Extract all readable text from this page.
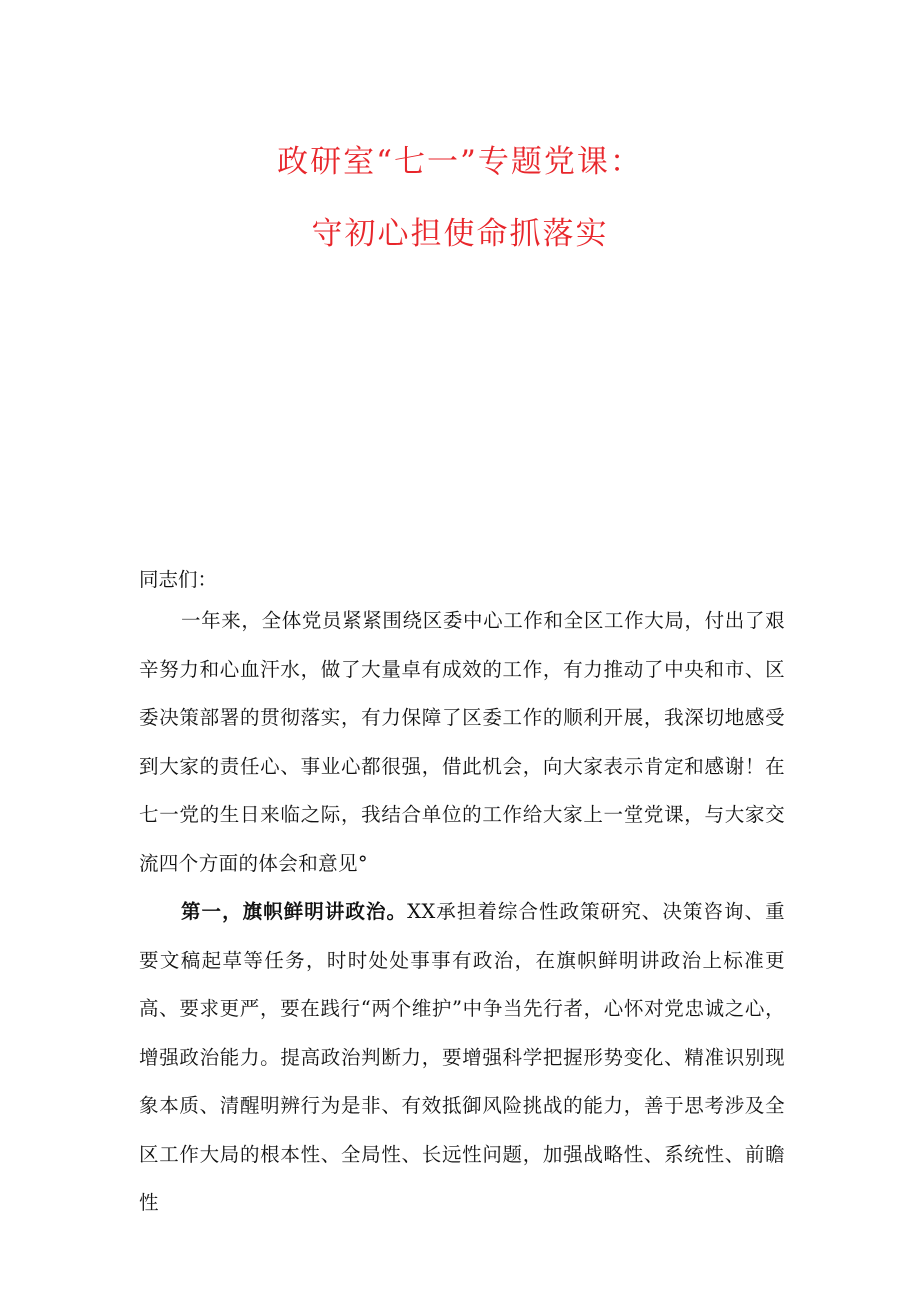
政研室“七一”专题党课：
守初心担使命抓落实
同志们：
一年来，全体党员紧紧围绕区委中心工作和全区工作大局，付出了艰辛努力和心血汗水，做了大量卓有成效的工作，有力推动了中央和市、区委决策部署的贯彻落实，有力保障了区委工作的顺利开展，我深切地感受到大家的责任心、事业心都很强，借此机会，向大家表示肯定和感谢！在七一党的生日来临之际，我结合单位的工作给大家上一堂党课，与大家交流四个方面的体会和意见°
第一，旗帜鲜明讲政治。XX承担着综合性政策研究、决策咨询、重要文稿起草等任务，时时处处事事有政治，在旗帜鲜明讲政治上标准更高、要求更严，要在践行“两个维护”中争当先行者，心怀对党忠诚之心，增强政治能力。提高政治判断力，要增强科学把握形势变化、精准识别现象本质、清醒明辨行为是非、有效抵御风险挑战的能力，善于思考涉及全区工作大局的根本性、全局性、长远性问题，加强战略性、系统性、前瞻性
